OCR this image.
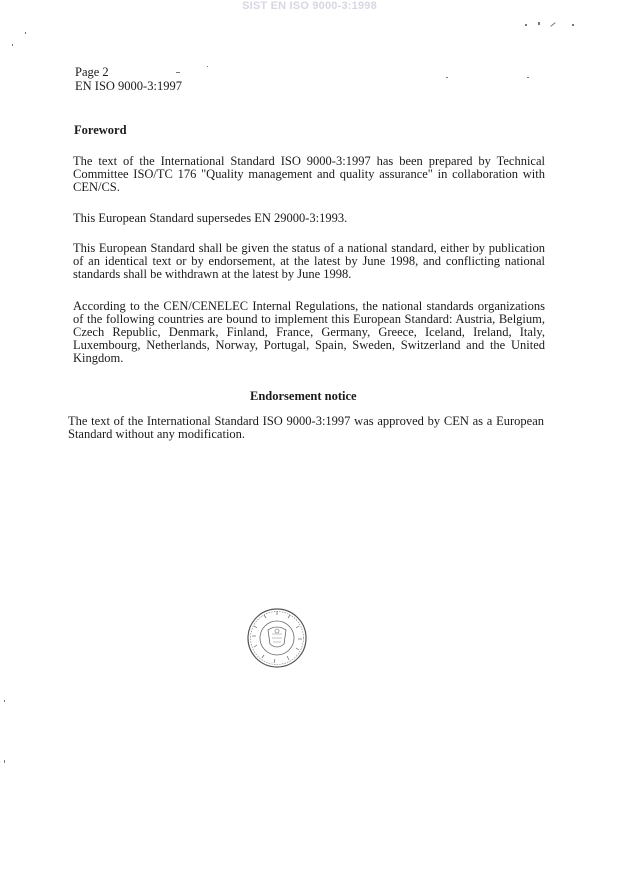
SIST EN ISO 9000-3:1998
Page 2
EN ISO 9000-3:1997
Foreword
The text of the International Standard ISO 9000-3:1997 has been prepared by Technical Committee ISO/TC 176 "Quality management and quality assurance" in collaboration with CEN/CS.
This European Standard supersedes EN 29000-3:1993.
This European Standard shall be given the status of a national standard, either by publication of an identical text or by endorsement, at the latest by June 1998, and conflicting national standards shall be withdrawn at the latest by June 1998.
According to the CEN/CENELEC Internal Regulations, the national standards organizations of the following countries are bound to implement this European Standard: Austria, Belgium, Czech Republic, Denmark, Finland, France, Germany, Greece, Iceland, Ireland, Italy, Luxembourg, Netherlands, Norway, Portugal, Spain, Sweden, Switzerland and the United Kingdom.
Endorsement notice
The text of the International Standard ISO 9000-3:1997 was approved by CEN as a European Standard without any modification.
